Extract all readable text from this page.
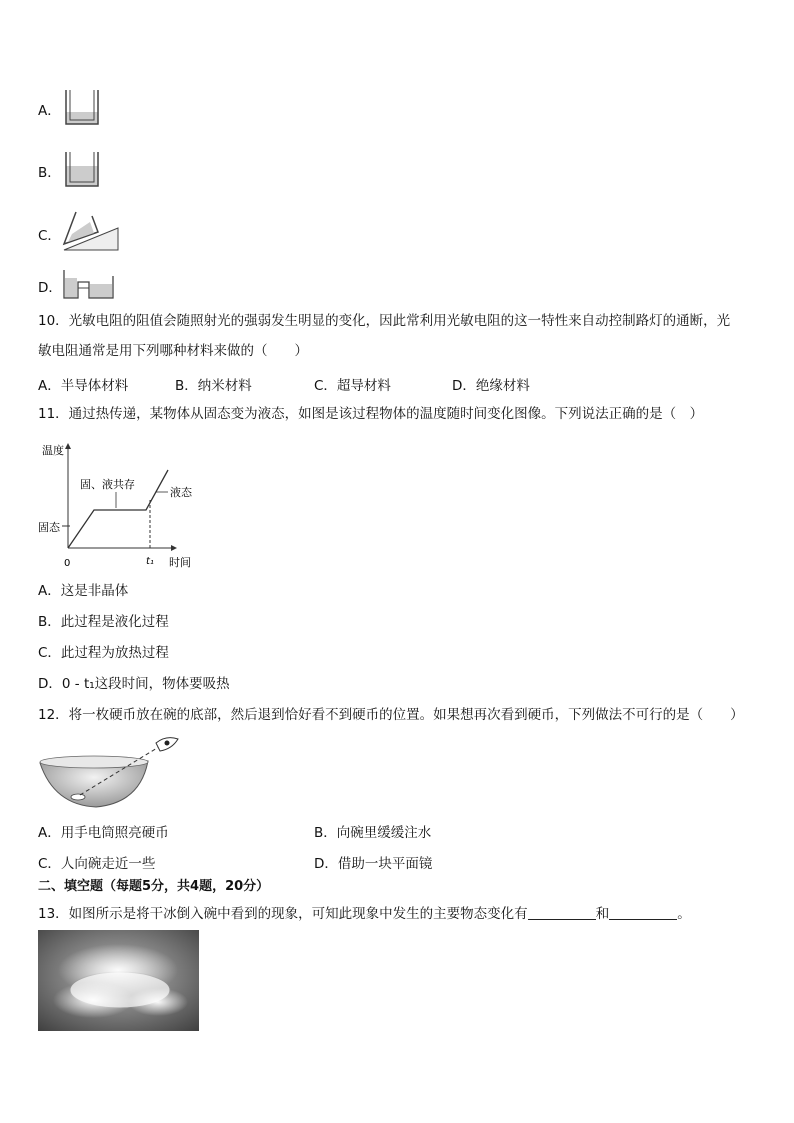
A．
B．
C．
D．
10．光敏电阻的阻值会随照射光的强弱发生明显的变化，因此常利用光敏电阻的这一特性来自动控制路灯的通断，光
敏电阻通常是用下列哪种材料来做的（　　）
A．半导体材料	B．纳米材料	C．超导材料	D．绝缘材料
11．通过热传递，某物体从固态变为液态，如图是该过程物体的温度随时间变化图像。下列说法正确的是（　）
温度
时间
0
固态
固、液共存
液态
t₁
A．这是非晶体
B．此过程是液化过程
C．此过程为放热过程
D．0 - t₁这段时间，物体要吸热
12．将一枚硬币放在碗的底部，然后退到恰好看不到硬币的位置。如果想再次看到硬币，下列做法不可行的是（　　）
A．用手电筒照亮硬币	B．向碗里缓缓注水
C．人向碗走近一些	D．借助一块平面镜
二、填空题（每题5分，共4题，20分）
13．如图所示是将干冰倒入碗中看到的现象，可知此现象中发生的主要物态变化有	和	。
